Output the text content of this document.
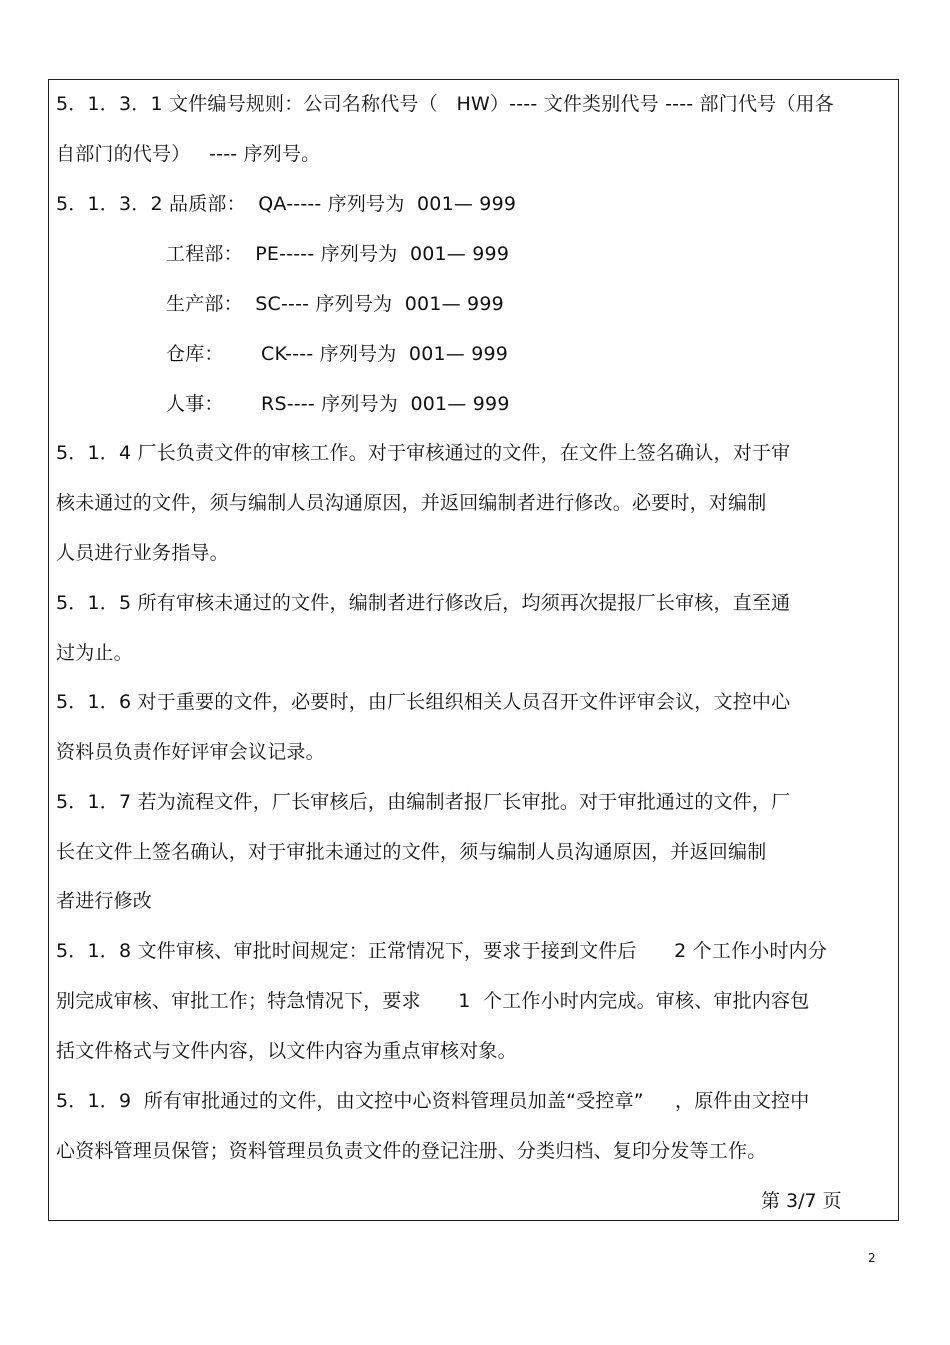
5．1．3．1 文件编号规则：公司名称代号（   HW）---- 文件类别代号 ---- 部门代号（用各
自部门的代号）   ---- 序列号。
5．1．3．2 品质部：  QA----- 序列号为  001— 999
工程部：  PE----- 序列号为  001— 999
生产部：  SC---- 序列号为  001— 999
仓库：      CK---- 序列号为  001— 999
人事：      RS---- 序列号为  001— 999
5．1．4 厂长负责文件的审核工作。对于审核通过的文件，在文件上签名确认，对于审
核未通过的文件，须与编制人员沟通原因，并返回编制者进行修改。必要时，对编制
人员进行业务指导。
5．1．5 所有审核未通过的文件，编制者进行修改后，均须再次提报厂长审核，直至通
过为止。
5．1．6 对于重要的文件，必要时，由厂长组织相关人员召开文件评审会议，文控中心
资料员负责作好评审会议记录。
5．1．7 若为流程文件，厂长审核后，由编制者报厂长审批。对于审批通过的文件，厂
长在文件上签名确认，对于审批未通过的文件，须与编制人员沟通原因，并返回编制
者进行修改
5．1．8 文件审核、审批时间规定：正常情况下，要求于接到文件后      2 个工作小时内分
别完成审核、审批工作；特急情况下，要求      1  个工作小时内完成。审核、审批内容包
括文件格式与文件内容，以文件内容为重点审核对象。
5．1．9  所有审批通过的文件，由文控中心资料管理员加盖“受控章”     ，原件由文控中
心资料管理员保管；资料管理员负责文件的登记注册、分类归档、复印分发等工作。
第 3/7 页
2
